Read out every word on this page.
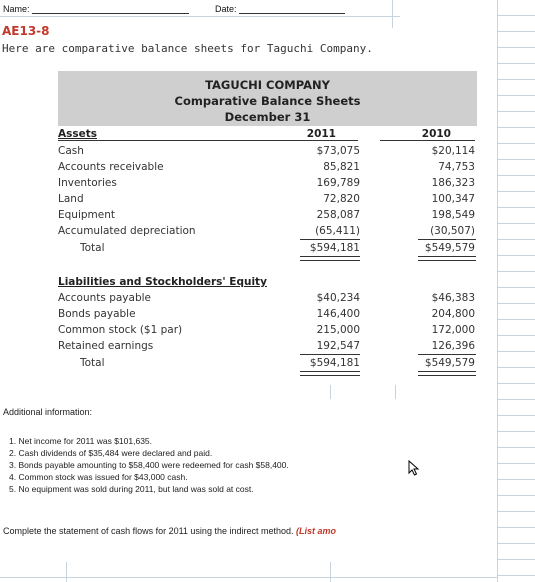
Name:	Date:
AE13-8
Here are comparative balance sheets for Taguchi Company.
TAGUCHI COMPANY
Comparative Balance Sheets
December 31
Assets	2011	2010
Cash	$73,075	$20,114
Accounts receivable	85,821	74,753
Inventories	169,789	186,323
Land	72,820	100,347
Equipment	258,087	198,549
Accumulated depreciation	(65,411)	(30,507)
Total	$594,181	$549,579
Liabilities and Stockholders' Equity
Accounts payable	$40,234	$46,383
Bonds payable	146,400	204,800
Common stock ($1 par)	215,000	172,000
Retained earnings	192,547	126,396
Total	$594,181	$549,579
Additional information:
1. Net income for 2011 was $101,635.
2. Cash dividends of $35,484 were declared and paid.
3. Bonds payable amounting to $58,400 were redeemed for cash $58,400.
4. Common stock was issued for $43,000 cash.
5. No equipment was sold during 2011, but land was sold at cost.
Complete the statement of cash flows for 2011 using the indirect method. (List amo
